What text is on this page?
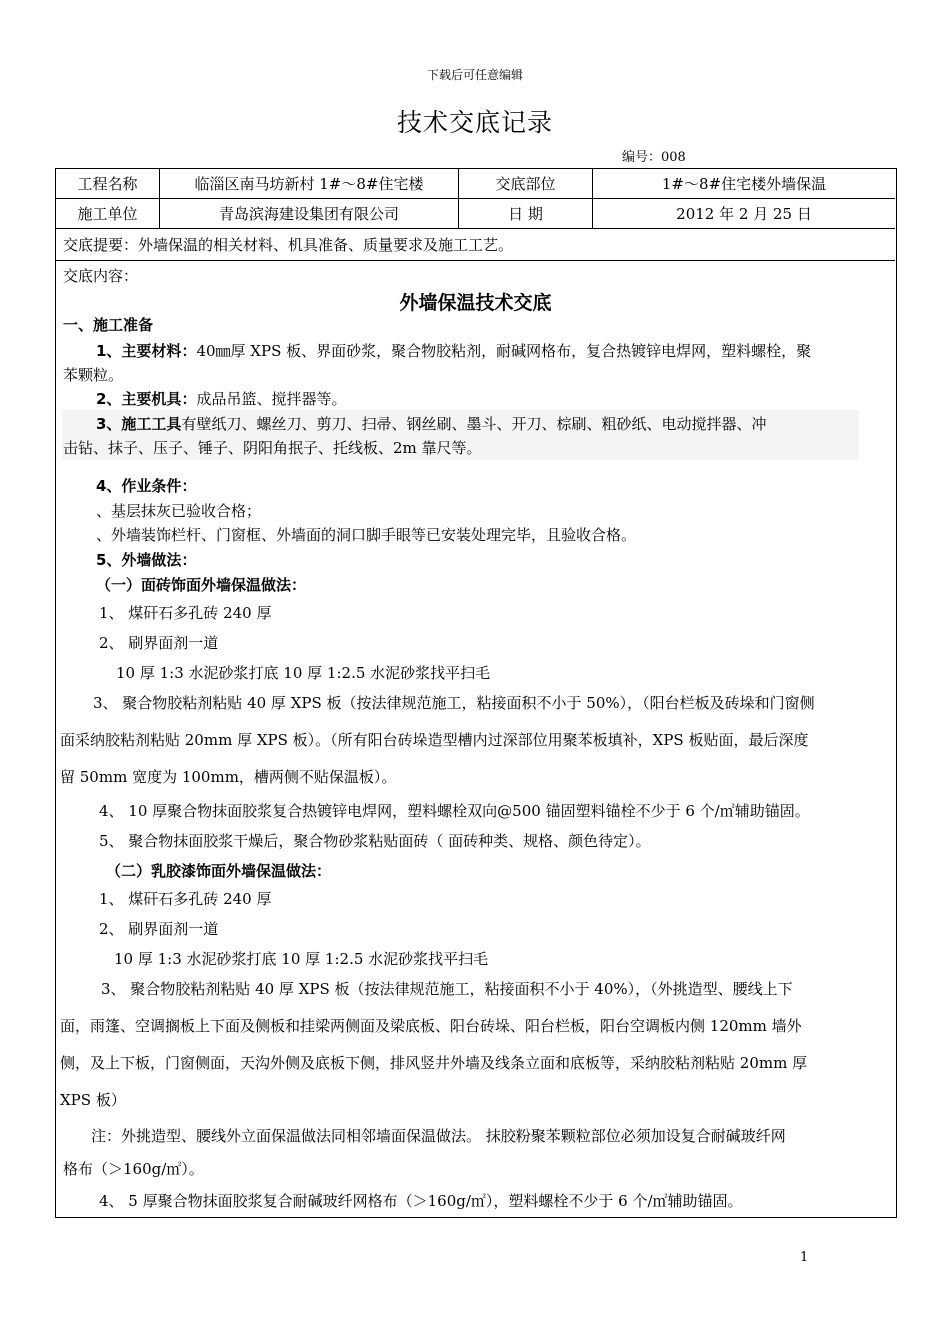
下载后可任意编辑
技术交底记录
编号：008
工程名称	临淄区南马坊新村 1#～8#住宅楼	交底部位	1#～8#住宅楼外墙保温
施工单位	青岛滨海建设集团有限公司	日 期	2012 年 2 月 25 日
交底提要：外墙保温的相关材料、机具准备、质量要求及施工工艺。
交底内容：
外墙保温技术交底
一、施工准备
1、主要材料：40㎜厚 XPS 板、界面砂浆，聚合物胶粘剂，耐碱网格布，复合热镀锌电焊网，塑料螺栓，聚
苯颗粒。
2、主要机具：成品吊篮、搅拌器等。
3、施工工具有壁纸刀、螺丝刀、剪刀、扫帚、钢丝刷、墨斗、开刀、棕刷、粗砂纸、电动搅拌器、冲
击钻、抹子、压子、锤子、阴阳角抿子、托线板、2m 靠尺等。
4、作业条件：
、基层抹灰已验收合格；
、外墙装饰栏杆、门窗框、外墙面的洞口脚手眼等已安装处理完毕，且验收合格。
5、外墙做法：
（一）面砖饰面外墙保温做法：
1、 煤矸石多孔砖 240 厚
2、 刷界面剂一道
10 厚 1:3 水泥砂浆打底 10 厚 1:2.5 水泥砂浆找平扫毛
3、 聚合物胶粘剂粘贴 40 厚 XPS 板（按法律规范施工，粘接面积不小于 50%），（阳台栏板及砖垛和门窗侧
面采纳胶粘剂粘贴 20mm 厚 XPS 板）。（所有阳台砖垛造型槽内过深部位用聚苯板填补，XPS 板贴面，最后深度
留 50mm 宽度为 100mm，槽两侧不贴保温板）。
4、 10 厚聚合物抹面胶浆复合热镀锌电焊网，塑料螺栓双向@500 锚固塑料锚栓不少于 6 个/㎡辅助锚固。
5、 聚合物抹面胶浆干燥后，聚合物砂浆粘贴面砖（ 面砖种类、规格、颜色待定）。
（二）乳胶漆饰面外墙保温做法：
1、 煤矸石多孔砖 240 厚
2、 刷界面剂一道
10 厚 1:3 水泥砂浆打底 10 厚 1:2.5 水泥砂浆找平扫毛
3、 聚合物胶粘剂粘贴 40 厚 XPS 板（按法律规范施工，粘接面积不小于 40%），（外挑造型、腰线上下
面，雨篷、空调搁板上下面及侧板和挂梁两侧面及梁底板、阳台砖垛、阳台栏板，阳台空调板内侧 120mm 墙外
侧，及上下板，门窗侧面，天沟外侧及底板下侧，排风竖井外墙及线条立面和底板等，采纳胶粘剂粘贴 20mm 厚
XPS 板）
注：外挑造型、腰线外立面保温做法同相邻墙面保温做法。 抹胶粉聚苯颗粒部位必须加设复合耐碱玻纤网
格布（＞160g/㎡）。
4、 5 厚聚合物抹面胶浆复合耐碱玻纤网格布（＞160g/㎡），塑料螺栓不少于 6 个/㎡辅助锚固。
1
